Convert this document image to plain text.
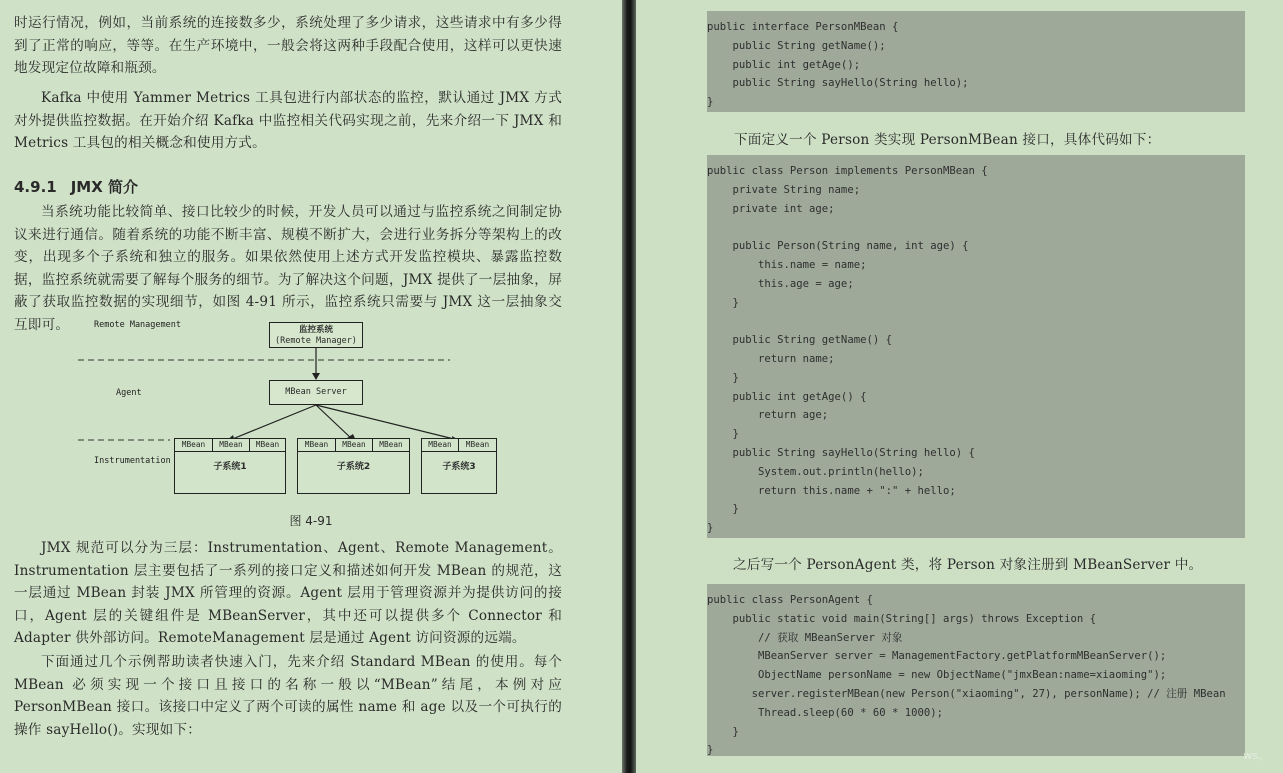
时运行情况，例如，当前系统的连接数多少，系统处理了多少请求，这些请求中有多少得到了正常的响应，等等。在生产环境中，一般会将这两种手段配合使用，这样可以更快速地发现定位故障和瓶颈。

Kafka 中使用 Yammer Metrics 工具包进行内部状态的监控，默认通过 JMX 方式对外提供监控数据。在开始介绍 Kafka 中监控相关代码实现之前，先来介绍一下 JMX 和 Metrics 工具包的相关概念和使用方式。

4.9.1 JMX 简介

当系统功能比较简单、接口比较少的时候，开发人员可以通过与监控系统之间制定协议来进行通信。随着系统的功能不断丰富、规模不断扩大，会进行业务拆分等架构上的改变，出现多个子系统和独立的服务。如果依然使用上述方式开发监控模块、暴露监控数据，监控系统就需要了解每个服务的细节。为了解决这个问题，JMX 提供了一层抽象，屏蔽了获取监控数据的实现细节，如图 4-91 所示，监控系统只需要与 JMX 这一层抽象交互即可。	Remote Management
Agent
Instrumentation
监控系统
(Remote Manager)
MBean Server
MBean	MBean	MBean
子系统1
MBean	MBean	MBean
子系统2
MBean	MBean
子系统3
图 4-91

JMX 规范可以分为三层：Instrumentation、Agent、Remote Management。Instrumentation 层主要包括了一系列的接口定义和描述如何开发 MBean 的规范，这一层通过 MBean 封装 JMX 所管理的资源。Agent 层用于管理资源并为提供访问的接口，Agent 层的关键组件是 MBeanServer，其中还可以提供多个 Connector 和 Adapter 供外部访问。RemoteManagement 层是通过 Agent 访问资源的远端。

下面通过几个示例帮助读者快速入门，先来介绍 Standard MBean 的使用。每个 MBean 必须实现一个接口且接口的名称一般以“MBean”结尾，本例对应 PersonMBean 接口。该接口中定义了两个可读的属性 name 和 age 以及一个可执行的操作 sayHello()。实现如下：

public interface PersonMBean {
public String getName();
public int getAge();
public String sayHello(String hello);
}
下面定义一个 Person 类实现 PersonMBean 接口，具体代码如下：
public class Person implements PersonMBean {
private String name;
private int age;
public Person(String name, int age) {
this.name = name;
this.age = age;
}
public String getName() {
return name;
}
public int getAge() {
return age;
}
public String sayHello(String hello) {
System.out.println(hello);
return this.name + ":" + hello;
}
}
之后写一个 PersonAgent 类，将 Person 对象注册到 MBeanServer 中。
public class PersonAgent {
public static void main(String[] args) throws Exception {
// 获取 MBeanServer 对象
MBeanServer server = ManagementFactory.getPlatformMBeanServer();
ObjectName personName = new ObjectName("jmxBean:name=xiaoming");
server.registerMBean(new Person("xiaoming", 27), personName); // 注册 MBean
Thread.sleep(60 * 60 * 1000);
}
}	ws。
